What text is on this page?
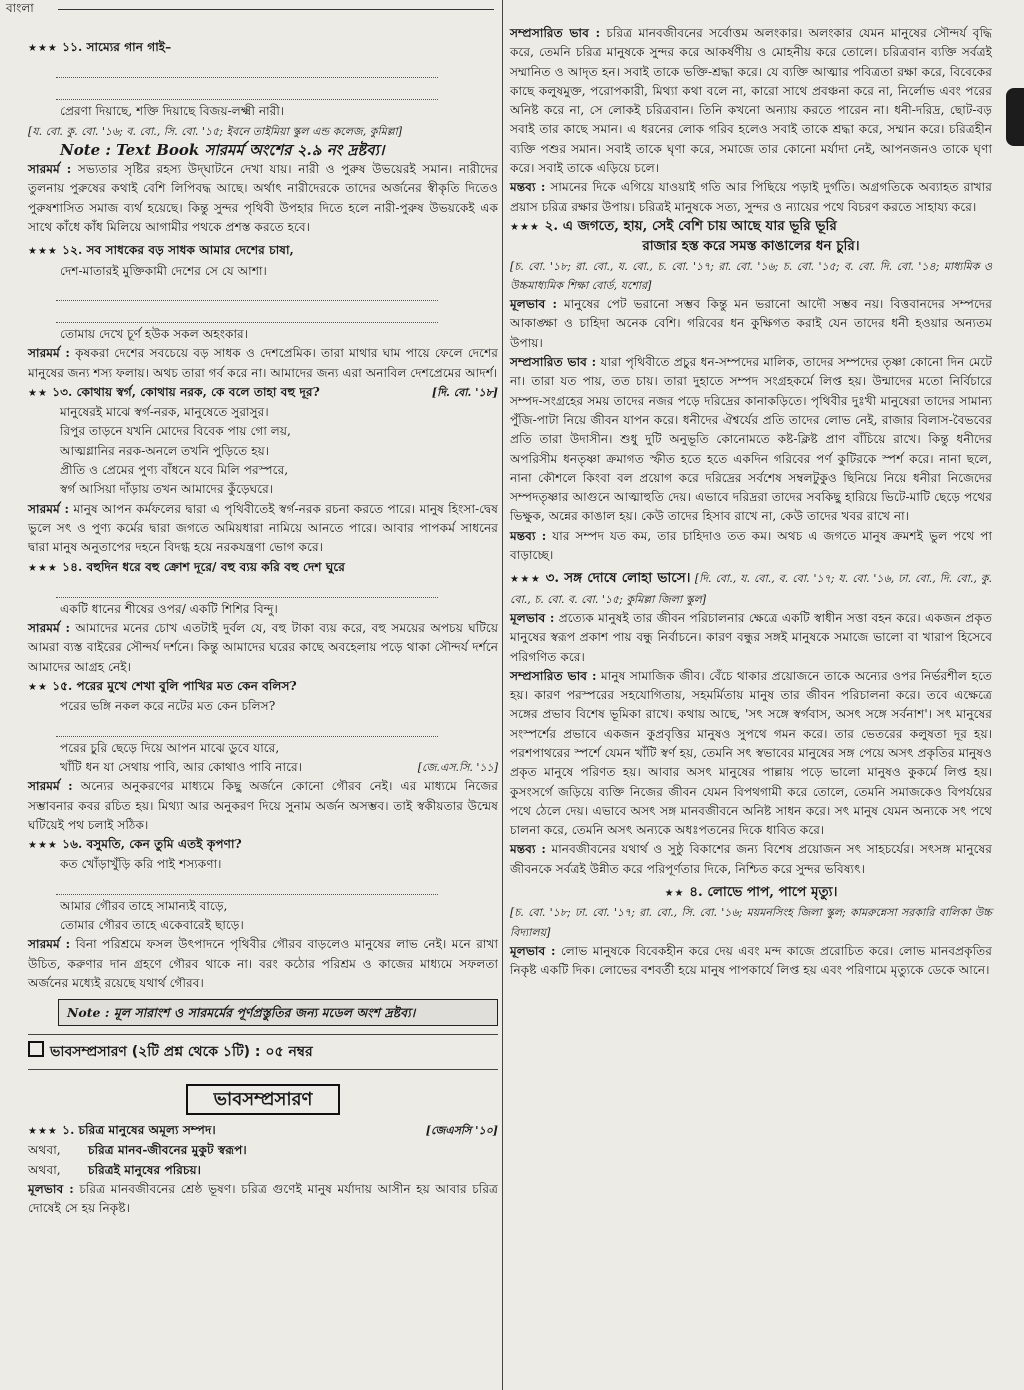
বাংলা

★★★ ১১. সাম্যের গান গাই–

প্রেরণা দিয়াছে, শক্তি দিয়াছে বিজয়-লক্ষ্মী নারী।

[য. বো. কু. বো. '১৬; ব. বো., সি. বো. '১৫; ইবনে তাইমিয়া স্কুল এন্ড কলেজ, কুমিল্লা]

Note : Text Book সারমর্ম অংশের ২.৯ নং দ্রষ্টব্য।

সারমর্ম : সভ্যতার সৃষ্টির রহস্য উদ্‌ঘাটনে দেখা যায়। নারী ও পুরুষ উভয়েরই সমান। নারীদের তুলনায় পুরুষের কথাই বেশি লিপিবদ্ধ আছে। অর্থাৎ নারীদেরকে তাদের অর্জনের স্বীকৃতি দিতেও পুরুষশাসিত সমাজ ব্যর্থ হয়েছে। কিন্তু সুন্দর পৃথিবী উপহার দিতে হলে নারী-পুরুষ উভয়কেই এক সাথে কাঁধে কাঁধ মিলিয়ে আগামীর পথকে প্রশস্ত করতে হবে।

★★★ ১২. সব সাধকের বড় সাধক আমার দেশের চাষা,

দেশ-মাতারই মুক্তিকামী দেশের সে যে আশা।

তোমায় দেখে চূর্ণ হউক সকল অহংকার।

সারমর্ম : কৃষকরা দেশের সবচেয়ে বড় সাধক ও দেশপ্রেমিক। তারা মাথার ঘাম পায়ে ফেলে দেশের মানুষের জন্য শস্য ফলায়। অথচ তারা গর্ব করে না। আমাদের জন্য এরা অনাবিল দেশপ্রেমের আদর্শ।

★★ ১৩. কোথায় স্বর্গ, কোথায় নরক, কে বলে তাহা বহু দূর?	[দি. বো. '১৮]

মানুষেরই মাঝে স্বর্গ-নরক, মানুষেতে সুরাসুর।

রিপুর তাড়নে যখনি মোদের বিবেক পায় গো লয়,

আত্মগ্লানির নরক-অনলে তখনি পুড়িতে হয়।

প্রীতি ও প্রেমের পুণ্য বাঁধনে যবে মিলি পরস্পরে,

স্বর্গ আসিয়া দাঁড়ায় তখন আমাদের কুঁড়েঘরে।

সারমর্ম : মানুষ আপন কর্মফলের দ্বারা এ পৃথিবীতেই স্বর্গ-নরক রচনা করতে পারে। মানুষ হিংসা-দ্বেষ ভুলে সৎ ও পুণ্য কর্মের দ্বারা জগতে অমিয়ধারা নামিয়ে আনতে পারে। আবার পাপকর্ম সাধনের দ্বারা মানুষ অনুতাপের দহনে বিদগ্ধ হয়ে নরকযন্ত্রণা ভোগ করে।

★★★ ১৪. বহুদিন ধরে বহু ক্রোশ দূরে/ বহু ব্যয় করি বহু দেশ ঘুরে

একটি ধানের শীষের ওপর/ একটি শিশির বিন্দু।

সারমর্ম : আমাদের মনের চোখ এতটাই দুর্বল যে, বহু টাকা ব্যয় করে, বহু সময়ের অপচয় ঘটিয়ে আমরা ব্যস্ত বাইরের সৌন্দর্য দর্শনে। কিন্তু আমাদের ঘরের কাছে অবহেলায় পড়ে থাকা সৌন্দর্য দর্শনে আমাদের আগ্রহ নেই।

★★ ১৫. পরের মুখে শেখা বুলি পাখির মত কেন বলিস?

পরের ভঙ্গি নকল করে নটের মত কেন চলিস?

পরের চুরি ছেড়ে দিয়ে আপন মাঝে ডুবে যারে,

খাঁটি ধন যা সেথায় পাবি, আর কোথাও পাবি নারে।	[জে.এস.সি. '১১]

সারমর্ম : অন্যের অনুকরণের মাধ্যমে কিছু অর্জনে কোনো গৌরব নেই। এর মাধ্যমে নিজের সম্ভাবনার কবর রচিত হয়। মিথ্যা আর অনুকরণ দিয়ে সুনাম অর্জন অসম্ভব। তাই স্বকীয়তার উন্মেষ ঘটিয়েই পথ চলাই সঠিক।

★★★ ১৬. বসুমতি, কেন তুমি এতই কৃপণা?

কত খোঁড়াখুঁড়ি করি পাই শস্যকণা।

আমার গৌরব তাহে সামান্যই বাড়ে,

তোমার গৌরব তাহে একেবারেই ছাড়ে।

সারমর্ম : বিনা পরিশ্রমে ফসল উৎপাদনে পৃথিবীর গৌরব বাড়লেও মানুষের লাভ নেই। মনে রাখা উচিত, করুণার দান গ্রহণে গৌরব থাকে না। বরং কঠোর পরিশ্রম ও কাজের মাধ্যমে সফলতা অর্জনের মধ্যেই রয়েছে যথার্থ গৌরব।

Note : মূল সারাংশ ও সারমর্মের পূর্ণপ্রস্তুতির জন্য মডেল অংশ দ্রষ্টব্য।
ভাবসম্প্রসারণ (২টি প্রশ্ন থেকে ১টি) : ০৫ নম্বর
ভাবসম্প্রসারণ

★★★ ১. চরিত্র মানুষের অমূল্য সম্পদ।	[জেএসসি '১০]

অথবা,	চরিত্র মানব-জীবনের মুকুট স্বরূপ।

অথবা,	চরিত্রই মানুষের পরিচয়।

মূলভাব : চরিত্র মানবজীবনের শ্রেষ্ঠ ভূষণ। চরিত্র গুণেই মানুষ মর্যাদায় আসীন হয় আবার চরিত্র দোষেই সে হয় নিকৃষ্ট।

সম্প্রসারিত ভাব : চরিত্র মানবজীবনের সর্বোত্তম অলংকার। অলংকার যেমন মানুষের সৌন্দর্য বৃদ্ধি করে, তেমনি চরিত্র মানুষকে সুন্দর করে আকর্ষণীয় ও মোহনীয় করে তোলে। চরিত্রবান ব্যক্তি সর্বত্রই সম্মানিত ও আদৃত হন। সবাই তাকে ভক্তি-শ্রদ্ধা করে। যে ব্যক্তি আত্মার পবিত্রতা রক্ষা করে, বিবেকের কাছে কলুষমুক্ত, পরোপকারী, মিথ্যা কথা বলে না, কারো সাথে প্রবঞ্চনা করে না, নির্লোভ এবং পরের অনিষ্ট করে না, সে লোকই চরিত্রবান। তিনি কখনো অন্যায় করতে পারেন না। ধনী-দরিদ্র, ছোট-বড় সবাই তার কাছে সমান। এ ধরনের লোক গরিব হলেও সবাই তাকে শ্রদ্ধা করে, সম্মান করে। চরিত্রহীন ব্যক্তি পশুর সমান। সবাই তাকে ঘৃণা করে, সমাজে তার কোনো মর্যাদা নেই, আপনজনও তাকে ঘৃণা করে। সবাই তাকে এড়িয়ে চলে।

মন্তব্য : সামনের দিকে এগিয়ে যাওয়াই গতি আর পিছিয়ে পড়াই দুর্গতি। অগ্রগতিকে অব্যাহত রাখার প্রয়াস চরিত্র রক্ষার উপায়। চরিত্রই মানুষকে সত্য, সুন্দর ও ন্যায়ের পথে বিচরণ করতে সাহায্য করে।

★★★ ২. এ জগতে, হায়, সেই বেশি চায় আছে যার ভূরি ভূরি

রাজার হস্ত করে সমস্ত কাঙালের ধন চুরি।

[চ. বো. '১৮; রা. বো., য. বো., চ. বো. '১৭; রা. বো. '১৬; চ. বো. '১৫; ব. বো. দি. বো. '১৪; মাধ্যমিক ও উচ্চমাধ্যমিক শিক্ষা বোর্ড, যশোর]

মূলভাব : মানুষের পেট ভরানো সম্ভব কিন্তু মন ভরানো আদৌ সম্ভব নয়। বিত্তবানদের সম্পদের আকাঙ্ক্ষা ও চাহিদা অনেক বেশি। গরিবের ধন কুক্ষিগত করাই যেন তাদের ধনী হওয়ার অন্যতম উপায়।

সম্প্রসারিত ভাব : যারা পৃথিবীতে প্রচুর ধন-সম্পদের মালিক, তাদের সম্পদের তৃষ্ণা কোনো দিন মেটে না। তারা যত পায়, তত চায়। তারা দুহাতে সম্পদ সংগ্রহকর্মে লিপ্ত হয়। উন্মাদের মতো নির্বিচারে সম্পদ-সংগ্রহের সময় তাদের নজর পড়ে দরিদ্রের কানাকড়িতে। পৃথিবীর দুঃখী মানুষেরা তাদের সামান্য পুঁজি-পাটা নিয়ে জীবন যাপন করে। ধনীদের ঐশ্বর্যের প্রতি তাদের লোভ নেই, রাজার বিলাস-বৈভবের প্রতি তারা উদাসীন। শুধু দুটি অনুভূতি কোনোমতে কষ্ট-ক্লিষ্ট প্রাণ বাঁচিয়ে রাখে। কিন্তু ধনীদের অপরিসীম ধনতৃষ্ণা ক্রমাগত স্ফীত হতে হতে একদিন গরিবের পর্ণ কুটিরকে স্পর্শ করে। নানা ছলে, নানা কৌশলে কিংবা বল প্রয়োগ করে দরিদ্রের সর্বশেষ সম্বলটুকুও ছিনিয়ে নিয়ে ধনীরা নিজেদের সম্পদতৃষ্ণার আগুনে আত্মাহুতি দেয়। এভাবে দরিদ্ররা তাদের সবকিছু হারিয়ে ভিটে-মাটি ছেড়ে পথের ভিক্ষুক, অন্নের কাঙাল হয়। কেউ তাদের হিসাব রাখে না, কেউ তাদের খবর রাখে না।

মন্তব্য : যার সম্পদ যত কম, তার চাহিদাও তত কম। অথচ এ জগতে মানুষ ক্রমশই ভুল পথে পা বাড়াচ্ছে।

★★★ ৩. সঙ্গ দোষে লোহা ভাসে। [দি. বো., য. বো., ব. বো. '১৭; য. বো. '১৬, ঢা. বো., দি. বো., কু. বো., চ. বো. ব. বো. '১৫; কুমিল্লা জিলা স্কুল]

মূলভাব : প্রত্যেক মানুষই তার জীবন পরিচালনার ক্ষেত্রে একটি স্বাধীন সত্তা বহন করে। একজন প্রকৃত মানুষের স্বরূপ প্রকাশ পায় বন্ধু নির্বাচনে। কারণ বন্ধুর সঙ্গই মানুষকে সমাজে ভালো বা খারাপ হিসেবে পরিগণিত করে।

সম্প্রসারিত ভাব : মানুষ সামাজিক জীব। বেঁচে থাকার প্রয়োজনে তাকে অন্যের ওপর নির্ভরশীল হতে হয়। কারণ পরস্পরের সহযোগিতায়, সহমর্মিতায় মানুষ তার জীবন পরিচালনা করে। তবে এক্ষেত্রে সঙ্গের প্রভাব বিশেষ ভূমিকা রাখে। কথায় আছে, 'সৎ সঙ্গে স্বর্গবাস, অসৎ সঙ্গে সর্বনাশ'। সৎ মানুষের সংস্পর্শের প্রভাবে একজন কুপ্রবৃত্তির মানুষও সুপথে গমন করে। তার ভেতরের কলুষতা দূর হয়। পরশপাথরের স্পর্শে যেমন খাঁটি স্বর্ণ হয়, তেমনি সৎ স্বভাবের মানুষের সঙ্গ পেয়ে অসৎ প্রকৃতির মানুষও প্রকৃত মানুষে পরিণত হয়। আবার অসৎ মানুষের পাল্লায় পড়ে ভালো মানুষও কুকর্মে লিপ্ত হয়। কুসংসর্গে জড়িয়ে ব্যক্তি নিজের জীবন যেমন বিপথগামী করে তোলে, তেমনি সমাজকেও বিপর্যয়ের পথে ঠেলে দেয়। এভাবে অসৎ সঙ্গ মানবজীবনে অনিষ্ট সাধন করে। সৎ মানুষ যেমন অন্যকে সৎ পথে চালনা করে, তেমনি অসৎ অন্যকে অধঃপতনের দিকে ধাবিত করে।

মন্তব্য : মানবজীবনের যথার্থ ও সুষ্ঠু বিকাশের জন্য বিশেষ প্রয়োজন সৎ সাহচর্যের। সৎসঙ্গ মানুষের জীবনকে সর্বত্রই উন্নীত করে পরিপূর্ণতার দিকে, নিশ্চিত করে সুন্দর ভবিষ্যৎ।

★★ ৪. লোভে পাপ, পাপে মৃত্যু।

[চ. বো. '১৮; ঢা. বো. '১৭; রা. বো., সি. বো. '১৬; ময়মনসিংহ জিলা স্কুল; কামরুন্নেসা সরকারি বালিকা উচ্চ বিদ্যালয়]

মূলভাব : লোভ মানুষকে বিবেকহীন করে দেয় এবং মন্দ কাজে প্ররোচিত করে। লোভ মানবপ্রকৃতির নিকৃষ্ট একটি দিক। লোভের বশবর্তী হয়ে মানুষ পাপকার্যে লিপ্ত হয় এবং পরিণামে মৃত্যুকে ডেকে আনে।
